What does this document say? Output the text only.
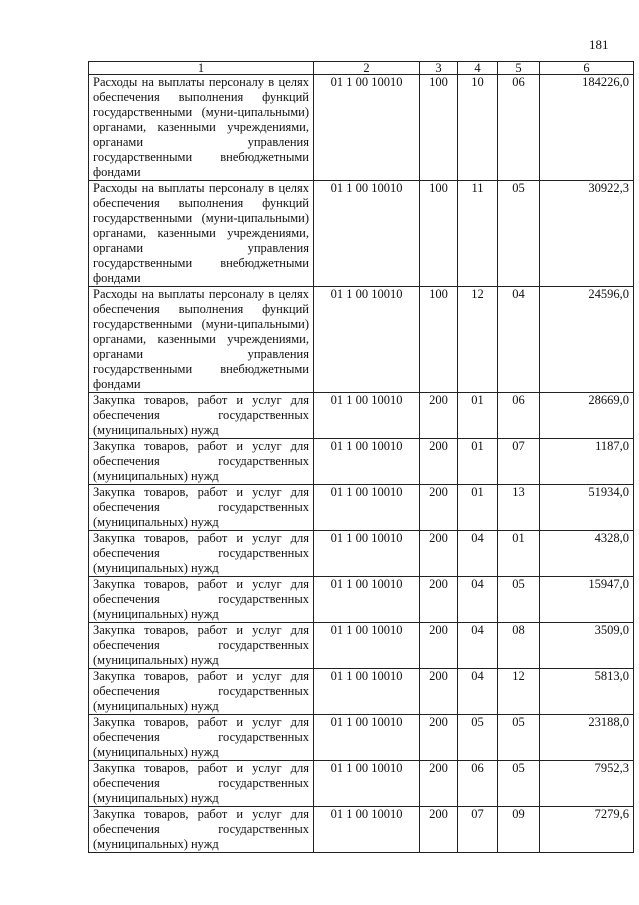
181
1	2	3	4	5	6
Расходы на выплаты персоналу в целях обеспечения выполнения функций государственными (муни-ципальными) органами, казенными учреждениями, органами управления государственными внебюджетными фондами	01 1 00 10010	100	10	06	184226,0
Расходы на выплаты персоналу в целях обеспечения выполнения функций государственными (муни-ципальными) органами, казенными учреждениями, органами управления государственными внебюджетными фондами	01 1 00 10010	100	11	05	30922,3
Расходы на выплаты персоналу в целях обеспечения выполнения функций государственными (муни-ципальными) органами, казенными учреждениями, органами управления государственными внебюджетными фондами	01 1 00 10010	100	12	04	24596,0
Закупка товаров, работ и услуг для обеспечения государственных (муниципальных) нужд	01 1 00 10010	200	01	06	28669,0
Закупка товаров, работ и услуг для обеспечения государственных (муниципальных) нужд	01 1 00 10010	200	01	07	1187,0
Закупка товаров, работ и услуг для обеспечения государственных (муниципальных) нужд	01 1 00 10010	200	01	13	51934,0
Закупка товаров, работ и услуг для обеспечения государственных (муниципальных) нужд	01 1 00 10010	200	04	01	4328,0
Закупка товаров, работ и услуг для обеспечения государственных (муниципальных) нужд	01 1 00 10010	200	04	05	15947,0
Закупка товаров, работ и услуг для обеспечения государственных (муниципальных) нужд	01 1 00 10010	200	04	08	3509,0
Закупка товаров, работ и услуг для обеспечения государственных (муниципальных) нужд	01 1 00 10010	200	04	12	5813,0
Закупка товаров, работ и услуг для обеспечения государственных (муниципальных) нужд	01 1 00 10010	200	05	05	23188,0
Закупка товаров, работ и услуг для обеспечения государственных (муниципальных) нужд	01 1 00 10010	200	06	05	7952,3
Закупка товаров, работ и услуг для обеспечения государственных (муниципальных) нужд	01 1 00 10010	200	07	09	7279,6
